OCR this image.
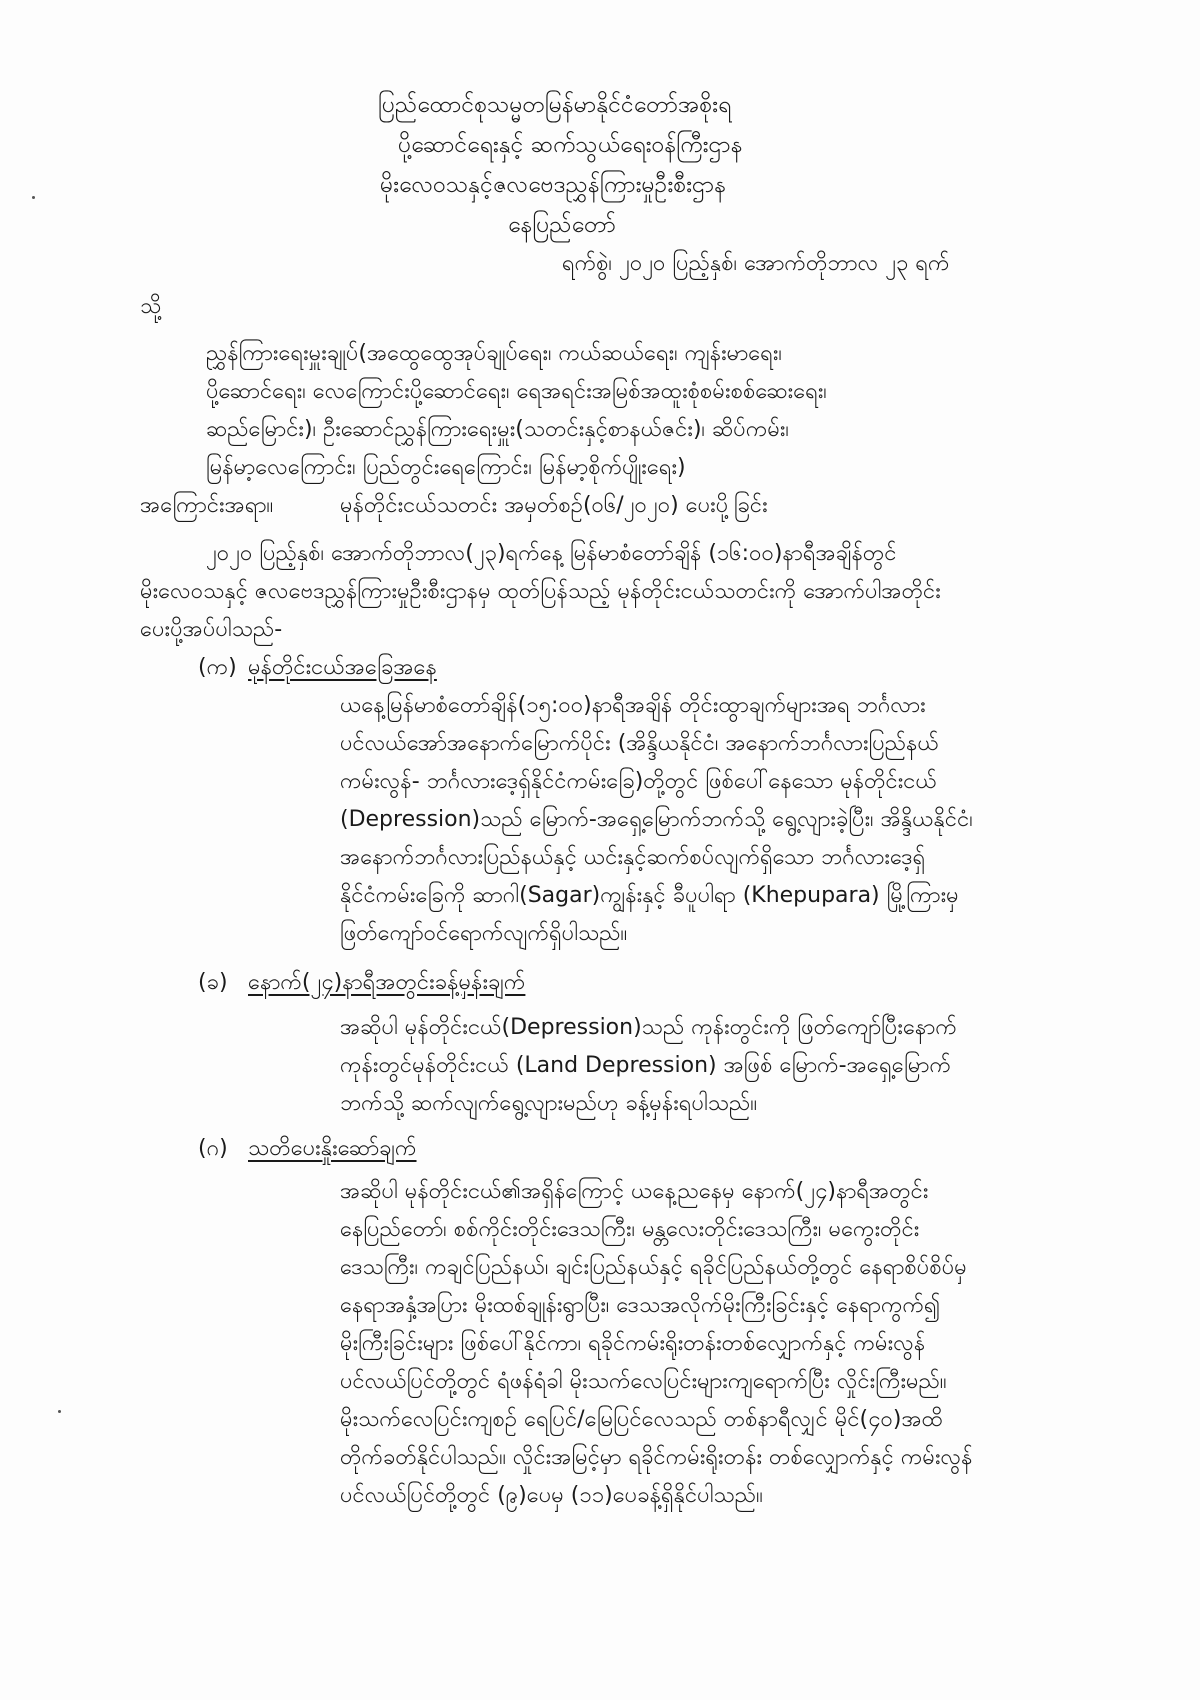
ပြည်ထောင်စုသမ္မတမြန်မာနိုင်ငံတော်အစိုးရ
ပို့ဆောင်ရေးနှင့် ဆက်သွယ်ရေးဝန်ကြီးဌာန
မိုးလေဝသနှင့်ဇလဗေဒညွှန်ကြားမှုဦးစီးဌာန
နေပြည်တော်
ရက်စွဲ၊ ၂၀၂၀ ပြည့်နှစ်၊ အောက်တိုဘာလ ၂၃ ရက်
သို့
ညွှန်ကြားရေးမှူးချုပ်(အထွေထွေအုပ်ချုပ်ရေး၊ ကယ်ဆယ်ရေး၊ ကျန်းမာရေး၊
ပို့ဆောင်ရေး၊ လေကြောင်းပို့ဆောင်ရေး၊ ရေအရင်းအမြစ်အထူးစုံစမ်းစစ်ဆေးရေး၊
ဆည်မြောင်း)၊ ဦးဆောင်ညွှန်ကြားရေးမှူး(သတင်းနှင့်စာနယ်ဇင်း)၊ ဆိပ်ကမ်း၊
မြန်မာ့လေကြောင်း၊ ပြည်တွင်းရေကြောင်း၊ မြန်မာ့စိုက်ပျိုးရေး)
အကြောင်းအရာ။	မုန်တိုင်းငယ်သတင်း အမှတ်စဉ်(၀၆/၂၀၂၀) ပေးပို့ခြင်း
၂၀၂၀ ပြည့်နှစ်၊ အောက်တိုဘာလ(၂၃)ရက်နေ့ မြန်မာစံတော်ချိန် (၁၆:၀၀)နာရီအချိန်တွင်
မိုးလေဝသနှင့် ဇလဗေဒညွှန်ကြားမှုဦးစီးဌာနမှ ထုတ်ပြန်သည့် မုန်တိုင်းငယ်သတင်းကို အောက်ပါအတိုင်း
ပေးပို့အပ်ပါသည်-
(က) မုန်တိုင်းငယ်အခြေအနေ
ယနေ့မြန်မာစံတော်ချိန်(၁၅:၀၀)နာရီအချိန် တိုင်းထွာချက်များအရ ဘင်္ဂလား
ပင်လယ်အော်အနောက်မြောက်ပိုင်း (အိန္ဒိယနိုင်ငံ၊ အနောက်ဘင်္ဂလားပြည်နယ်
ကမ်းလွန်- ဘင်္ဂလားဒေ့ရှ်နိုင်ငံကမ်းခြေ)တို့တွင် ဖြစ်ပေါ်နေသော မုန်တိုင်းငယ်
(Depression)သည် မြောက်-အရှေ့မြောက်ဘက်သို့ ရွေ့လျားခဲ့ပြီး၊ အိန္ဒိယနိုင်ငံ၊
အနောက်ဘင်္ဂလားပြည်နယ်နှင့် ယင်းနှင့်ဆက်စပ်လျက်ရှိသော ဘင်္ဂလားဒေ့ရှ်
နိုင်ငံကမ်းခြေကို ဆာဂါ(Sagar)ကျွန်းနှင့် ခီပူပါရာ (Khepupara) မြို့ကြားမှ
ဖြတ်ကျော်ဝင်ရောက်လျက်ရှိပါသည်။
(ခ) နောက်(၂၄)နာရီအတွင်းခန့်မှန်းချက်
အဆိုပါ မုန်တိုင်းငယ်(Depression)သည် ကုန်းတွင်းကို ဖြတ်ကျော်ပြီးနောက်
ကုန်းတွင်မုန်တိုင်းငယ် (Land Depression) အဖြစ် မြောက်-အရှေ့မြောက်
ဘက်သို့ ဆက်လျက်ရွေ့လျားမည်ဟု ခန့်မှန်းရပါသည်။
(ဂ) သတိပေးနှိုးဆော်ချက်
အဆိုပါ မုန်တိုင်းငယ်၏အရှိန်ကြောင့် ယနေ့ညနေမှ နောက်(၂၄)နာရီအတွင်း
နေပြည်တော်၊ စစ်ကိုင်းတိုင်းဒေသကြီး၊ မန္တလေးတိုင်းဒေသကြီး၊ မကွေးတိုင်း
ဒေသကြီး၊ ကချင်ပြည်နယ်၊ ချင်းပြည်နယ်နှင့် ရခိုင်ပြည်နယ်တို့တွင် နေရာစိပ်စိပ်မှ
နေရာအနှံ့အပြား မိုးထစ်ချုန်းရွာပြီး၊ ဒေသအလိုက်မိုးကြီးခြင်းနှင့် နေရာကွက်၍
မိုးကြီးခြင်းများ ဖြစ်ပေါ်နိုင်ကာ၊ ရခိုင်ကမ်းရိုးတန်းတစ်လျှောက်နှင့် ကမ်းလွန်
ပင်လယ်ပြင်တို့တွင် ရံဖန်ရံခါ မိုးသက်လေပြင်းများကျရောက်ပြီး လှိုင်းကြီးမည်။
မိုးသက်လေပြင်းကျစဉ် ရေပြင်/မြေပြင်လေသည် တစ်နာရီလျှင် မိုင်(၄၀)အထိ
တိုက်ခတ်နိုင်ပါသည်။ လှိုင်းအမြင့်မှာ ရခိုင်ကမ်းရိုးတန်း တစ်လျှောက်နှင့် ကမ်းလွန်
ပင်လယ်ပြင်တို့တွင် (၉)ပေမှ (၁၁)ပေခန့်ရှိနိုင်ပါသည်။
